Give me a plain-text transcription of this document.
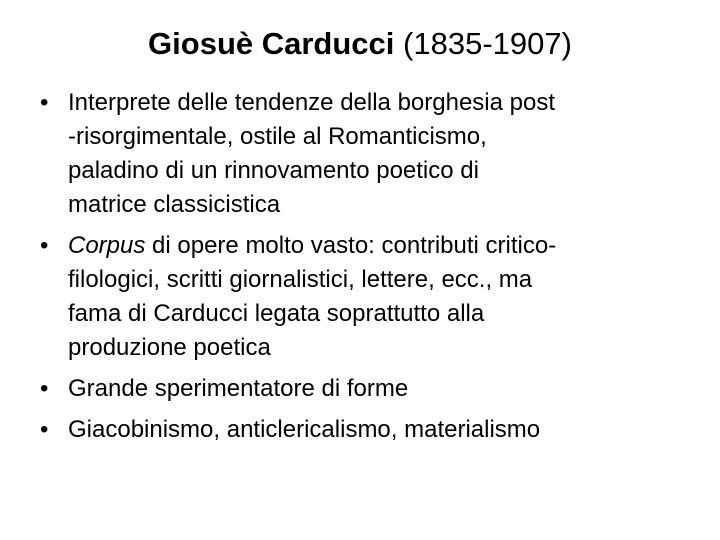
Giosuè Carducci (1835-1907)
• Interprete delle tendenze della borghesia post
-risorgimentale, ostile al Romanticismo,
paladino di un rinnovamento poetico di
matrice classicistica
• Corpus di opere molto vasto: contributi critico-
filologici, scritti giornalistici, lettere, ecc., ma
fama di Carducci legata soprattutto alla
produzione poetica
• Grande sperimentatore di forme
• Giacobinismo, anticlericalismo, materialismo
